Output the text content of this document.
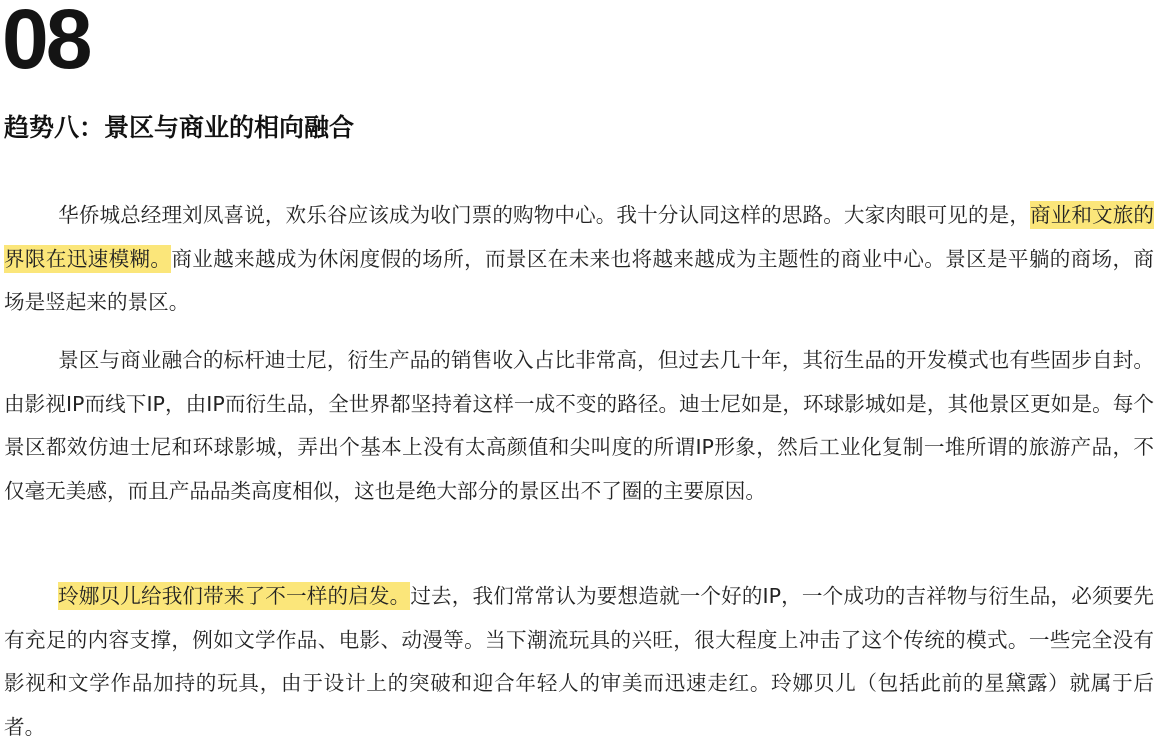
08
趋势八：景区与商业的相向融合

华侨城总经理刘凤喜说，欢乐谷应该成为收门票的购物中心。我十分认同这样的思路。大家肉眼可见的是，商业和文旅的界限在迅速模糊。商业越来越成为休闲度假的场所，而景区在未来也将越来越成为主题性的商业中心。景区是平躺的商场，商场是竖起来的景区。

景区与商业融合的标杆迪士尼，衍生产品的销售收入占比非常高，但过去几十年，其衍生品的开发模式也有些固步自封。由影视IP而线下IP，由IP而衍生品，全世界都坚持着这样一成不变的路径。迪士尼如是，环球影城如是，其他景区更如是。每个景区都效仿迪士尼和环球影城，弄出个基本上没有太高颜值和尖叫度的所谓IP形象，然后工业化复制一堆所谓的旅游产品，不仅毫无美感，而且产品品类高度相似，这也是绝大部分的景区出不了圈的主要原因。

玲娜贝儿给我们带来了不一样的启发。过去，我们常常认为要想造就一个好的IP，一个成功的吉祥物与衍生品，必须要先有充足的内容支撑，例如文学作品、电影、动漫等。当下潮流玩具的兴旺，很大程度上冲击了这个传统的模式。一些完全没有影视和文学作品加持的玩具，由于设计上的突破和迎合年轻人的审美而迅速走红。玲娜贝儿（包括此前的星黛露）就属于后者。
